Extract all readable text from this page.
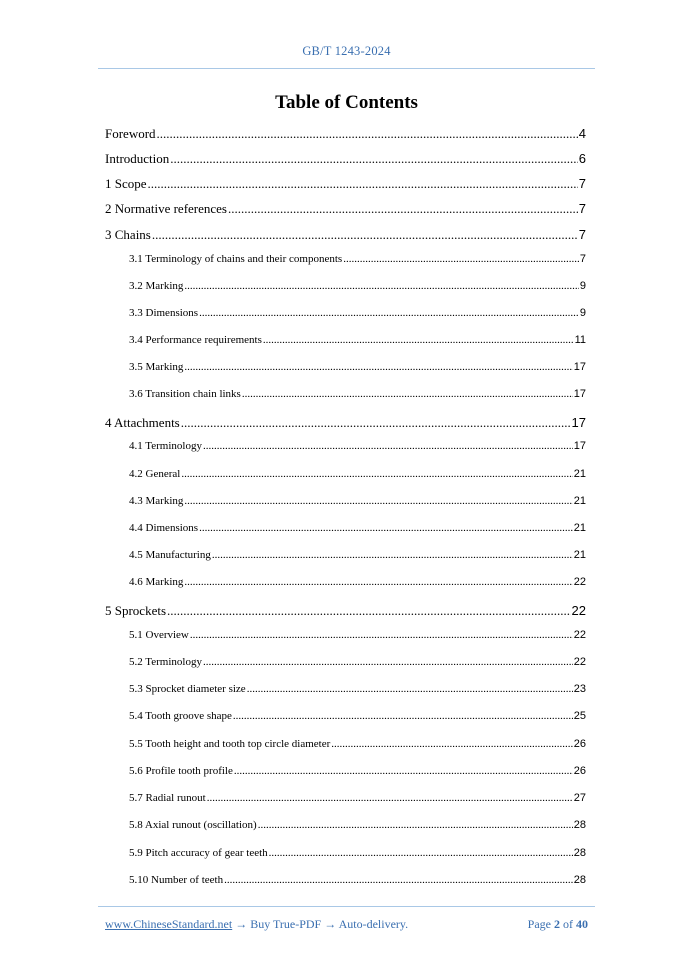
GB/T 1243-2024
Table of Contents
Foreword .....	4
Introduction .....	6
1 Scope .....	7
2 Normative references .....	7
3 Chains .....	7
3.1 Terminology of chains and their components .....	7
3.2 Marking .....	9
3.3 Dimensions .....	9
3.4 Performance requirements .....	11
3.5 Marking .....	17
3.6 Transition chain links .....	17
4 Attachments .....	17
4.1 Terminology .....	17
4.2 General .....	21
4.3 Marking .....	21
4.4 Dimensions .....	21
4.5 Manufacturing .....	21
4.6 Marking .....	22
5 Sprockets .....	22
5.1 Overview .....	22
5.2 Terminology .....	22
5.3 Sprocket diameter size .....	23
5.4 Tooth groove shape .....	25
5.5 Tooth height and tooth top circle diameter .....	26
5.6 Profile tooth profile .....	26
5.7 Radial runout .....	27
5.8 Axial runout (oscillation) .....	28
5.9 Pitch accuracy of gear teeth .....	28
5.10 Number of teeth .....	28
www.ChineseStandard.net → Buy True-PDF → Auto-delivery.	Page 2 of 40
